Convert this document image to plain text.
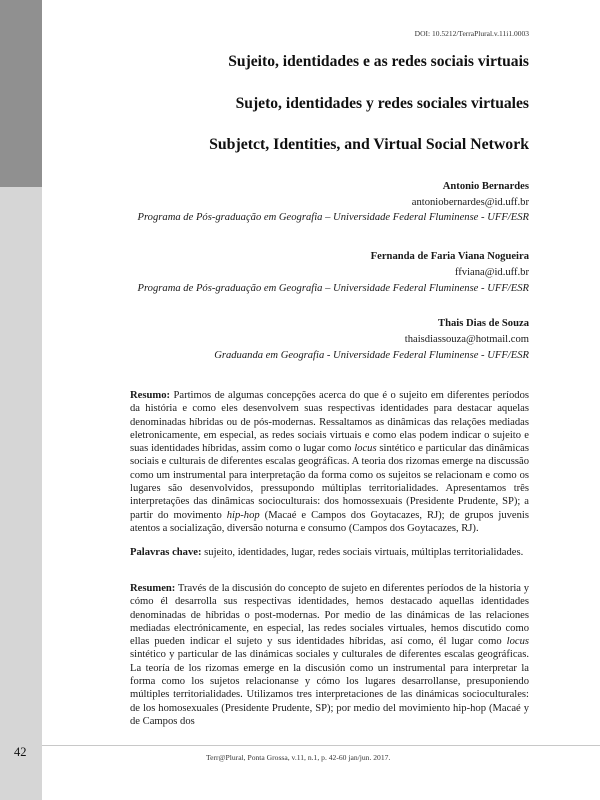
DOI: 10.5212/TerraPlural.v.11i1.0003
Sujeito, identidades e as redes sociais virtuais
Sujeto, identidades y redes sociales virtuales
Subjetct, Identities, and Virtual Social Network
Antonio Bernardes
antoniobernardes@id.uff.br
Programa de Pós-graduação em Geografia – Universidade Federal Fluminense - UFF/ESR
Fernanda de Faria Viana Nogueira
ffviana@id.uff.br
Programa de Pós-graduação em Geografia – Universidade Federal Fluminense - UFF/ESR
Thais Dias de Souza
thaisdiassouza@hotmail.com
Graduanda em Geografia - Universidade Federal Fluminense - UFF/ESR
Resumo: Partimos de algumas concepções acerca do que é o sujeito em diferentes períodos da história e como eles desenvolvem suas respectivas identidades para destacar aquelas denominadas híbridas ou de pós-modernas. Ressaltamos as dinâmicas das relações mediadas eletronicamente, em especial, as redes sociais virtuais e como elas podem indicar o sujeito e suas identidades híbridas, assim como o lugar como locus sintético e particular das dinâmicas sociais e culturais de diferentes escalas geográficas. A teoria dos rizomas emerge na discussão como um instrumental para interpretação da forma como os sujeitos se relacionam e como os lugares são desenvolvidos, pressupondo múltiplas territorialidades. Apresentamos três interpretações das dinâmicas socioculturais: dos homossexuais (Presidente Prudente, SP); a partir do movimento hip-hop (Macaé e Campos dos Goytacazes, RJ); de grupos juvenis atentos a socialização, diversão noturna e consumo (Campos dos Goytacazes, RJ).
Palavras chave: sujeito, identidades, lugar, redes sociais virtuais, múltiplas territorialidades.
Resumen: Través de la discusión do concepto de sujeto en diferentes períodos de la historia y cómo él desarrolla sus respectivas identidades, hemos destacado aquellas identidades denominadas de híbridas o post-modernas. Por medio de las dinámicas de las relaciones mediadas electrónicamente, en especial, las redes sociales virtuales, hemos discutido como ellas pueden indicar el sujeto y sus identidades híbridas, así como, él lugar como locus sintético y particular de las dinámicas sociales y culturales de diferentes escalas geográficas. La teoría de los rizomas emerge en la discusión como un instrumental para interpretar la forma como los sujetos relacionanse y cómo los lugares desarrollanse, presuponiendo múltiples territorialidades. Utilizamos tres interpretaciones de las dinámicas socioculturales: de los homosexuales (Presidente Prudente, SP); por medio del movimiento hip-hop (Macaé y de Campos dos
42	Terr@Plural, Ponta Grossa, v.11, n.1, p. 42-60 jan/jun. 2017.
